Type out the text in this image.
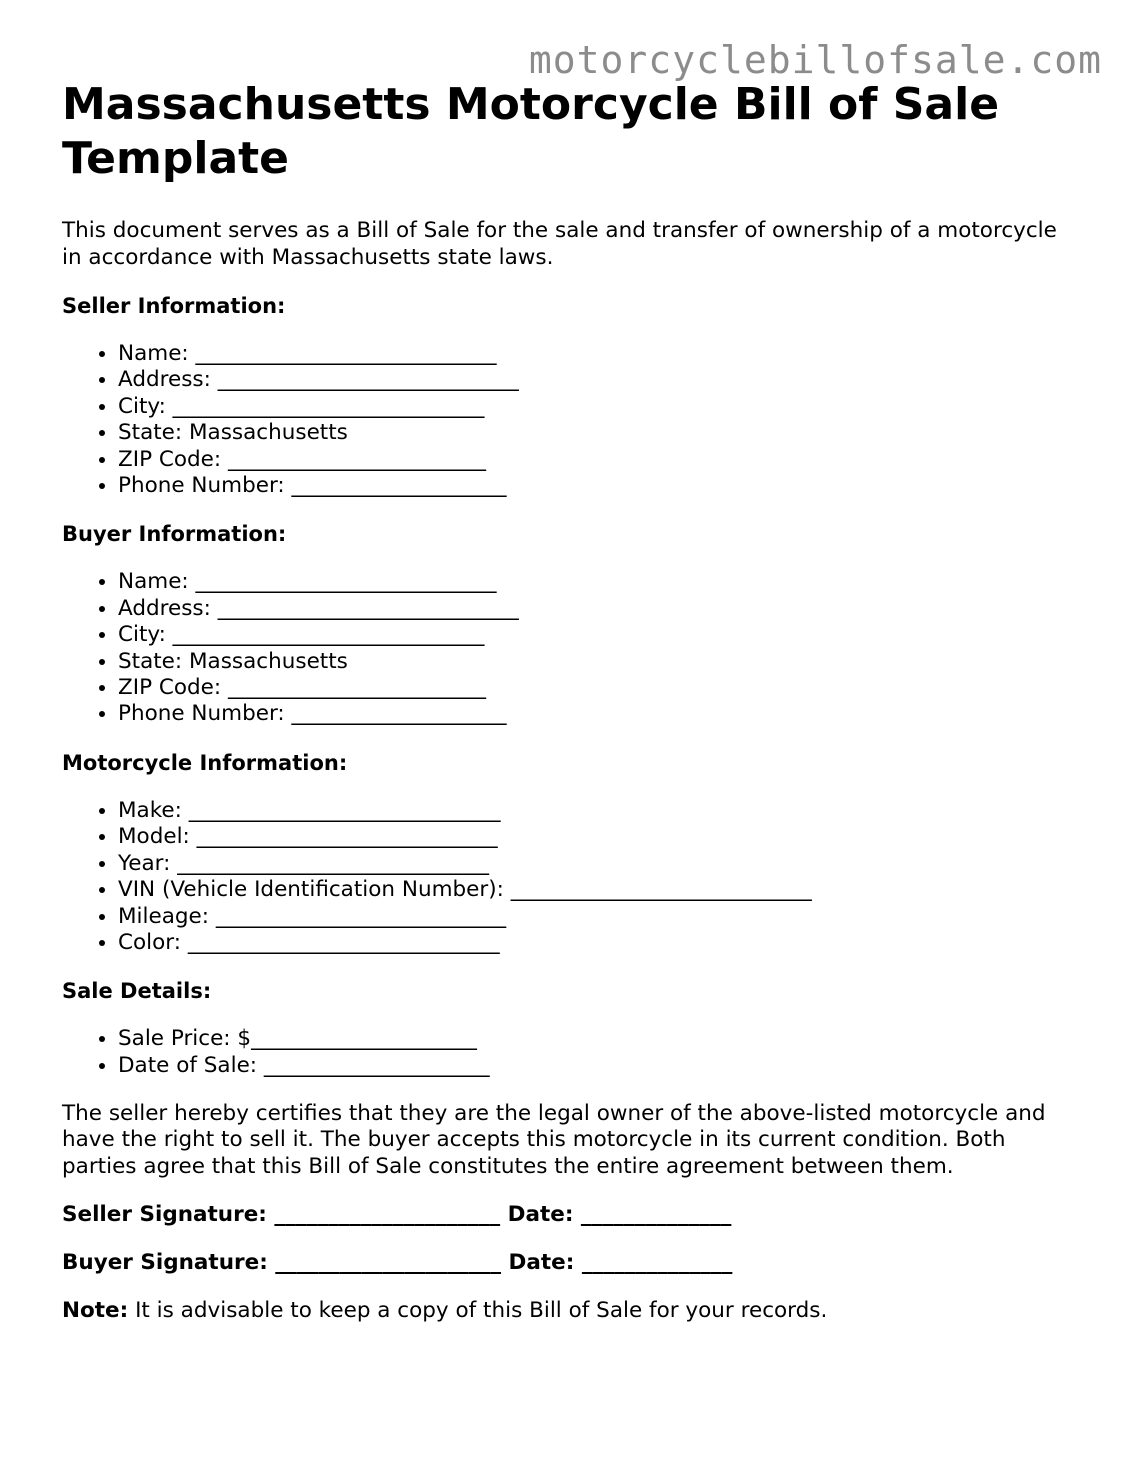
motorcyclebillofsale.com
Massachusetts Motorcycle Bill of Sale Template

This document serves as a Bill of Sale for the sale and transfer of ownership of a motorcycle in accordance with Massachusetts state laws.

Seller Information:
• Name: ____________________________
• Address: ____________________________
• City: _____________________________
• State: Massachusetts
• ZIP Code: ________________________
• Phone Number: ____________________
Buyer Information:
• Name: ____________________________
• Address: ____________________________
• City: _____________________________
• State: Massachusetts
• ZIP Code: ________________________
• Phone Number: ____________________
Motorcycle Information:
• Make: _____________________________
• Model: ____________________________
• Year: _____________________________
• VIN (Vehicle Identification Number): ____________________________
• Mileage: ___________________________
• Color: _____________________________
Sale Details:
• Sale Price: $_____________________
• Date of Sale: _____________________

The seller hereby certifies that they are the legal owner of the above-listed motorcycle and have the right to sell it. The buyer accepts this motorcycle in its current condition. Both parties agree that this Bill of Sale constitutes the entire agreement between them.

Seller Signature: _____________________ Date: ______________
Buyer Signature: _____________________ Date: ______________

Note: It is advisable to keep a copy of this Bill of Sale for your records.
